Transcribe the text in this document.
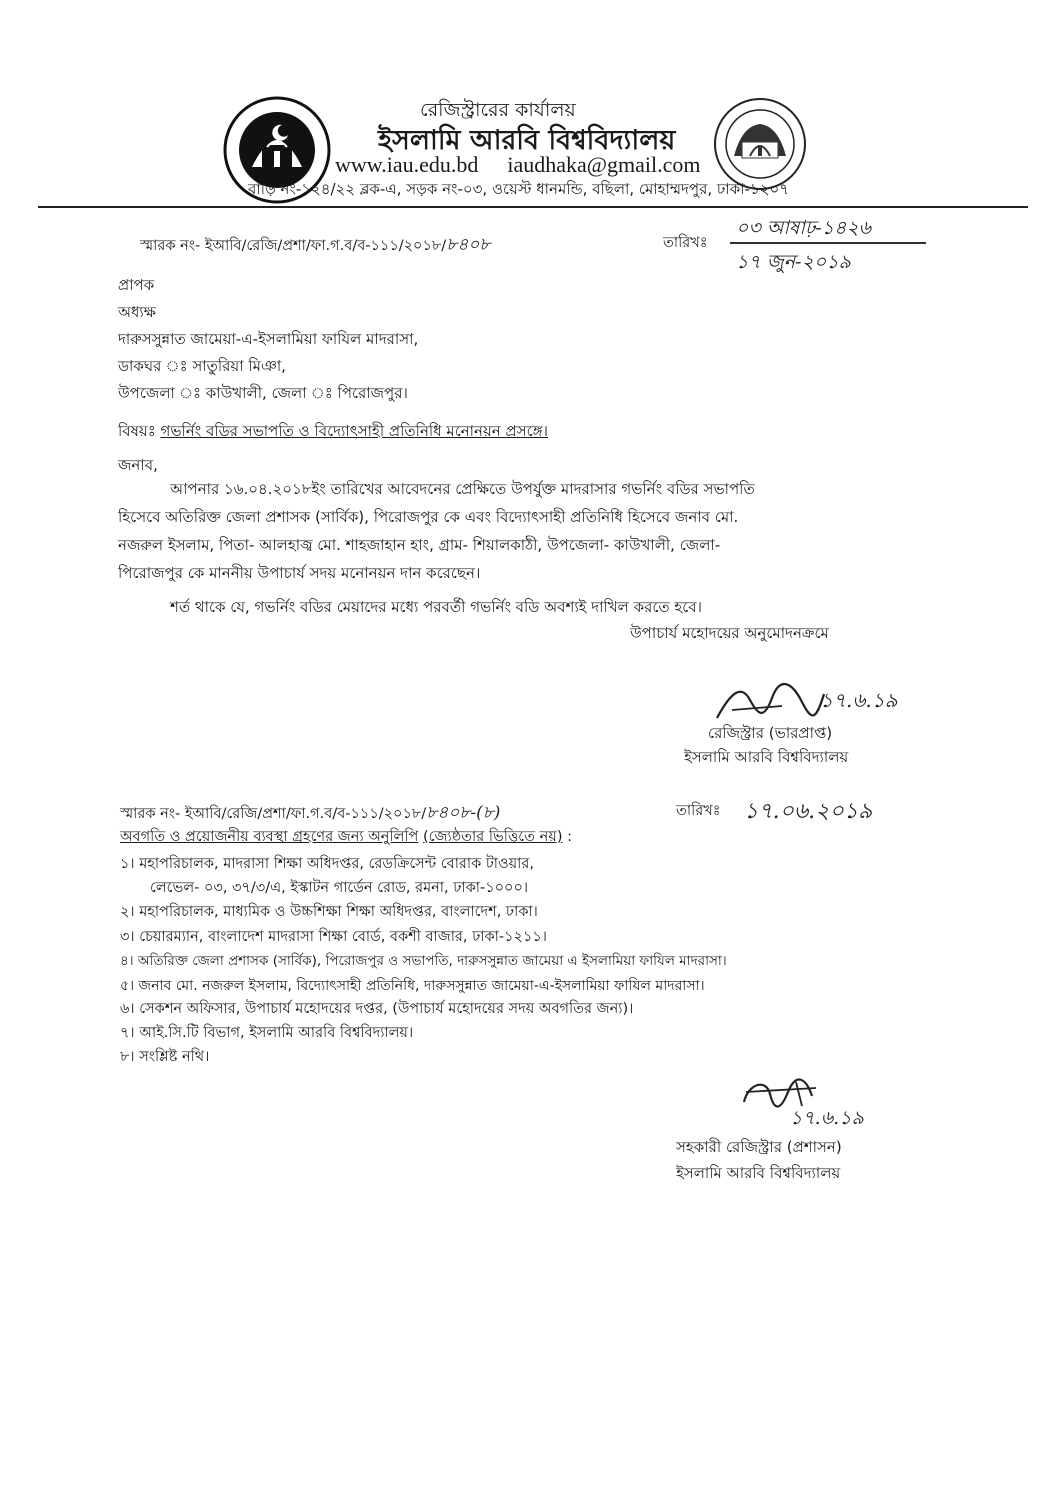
রেজিস্ট্রারের কার্যালয়
ইসলামি আরবি বিশ্ববিদ্যালয়
www.iau.edu.bd iaudhaka@gmail.com
বাড়ি নং-১২৪/২২ ব্লক-এ, সড়ক নং-০৩, ওয়েস্ট ধানমন্ডি, বছিলা, মোহাম্মদপুর, ঢাকা-১২০৭
স্মারক নং- ইআবি/রেজি/প্রশা/ফা.গ.ব/ব-১১১/২০১৮/৮৪০৮	তারিখঃ
০৩ আষাঢ়-১৪২৬
১৭ জুন-২০১৯
প্রাপক
অধ্যক্ষ
দারুসসুন্নাত জামেয়া-এ-ইসলামিয়া ফাযিল মাদরাসা,
ডাকঘর ঃ সাতুরিয়া মিঞা,
উপজেলা ঃ কাউখালী, জেলা ঃ পিরোজপুর।
বিষয়ঃ গভর্নিং বডির সভাপতি ও বিদ্যোৎসাহী প্রতিনিধি মনোনয়ন প্রসঙ্গে।
জনাব,
আপনার ১৬.০৪.২০১৮ইং তারিখের আবেদনের প্রেক্ষিতে উপর্যুক্ত মাদরাসার গভর্নিং বডির সভাপতি
হিসেবে অতিরিক্ত জেলা প্রশাসক (সার্বিক), পিরোজপুর কে এবং বিদ্যোৎসাহী প্রতিনিধি হিসেবে জনাব মো.
নজরুল ইসলাম, পিতা- আলহাজ্ব মো. শাহজাহান হাং, গ্রাম- শিয়ালকাঠী, উপজেলা- কাউখালী, জেলা-
পিরোজপুর কে মাননীয় উপাচার্য সদয় মনোনয়ন দান করেছেন।
শর্ত থাকে যে, গভর্নিং বডির মেয়াদের মধ্যে পরবর্তী গভর্নিং বডি অবশ্যই দাখিল করতে হবে।
উপাচার্য মহোদয়ের অনুমোদনক্রমে
১৭.৬.১৯
রেজিস্ট্রার (ভারপ্রাপ্ত)
ইসলামি আরবি বিশ্ববিদ্যালয়
স্মারক নং- ইআবি/রেজি/প্রশা/ফা.গ.ব/ব-১১১/২০১৮/৮৪০৮-(৮)	তারিখঃ ১৭.০৬.২০১৯
অবগতি ও প্রয়োজনীয় ব্যবস্থা গ্রহণের জন্য অনুলিপি (জ্যেষ্ঠতার ভিত্তিতে নয়) :
১। মহাপরিচালক, মাদরাসা শিক্ষা অধিদপ্তর, রেডক্রিসেন্ট বোরাক টাওয়ার,
লেভেল- ০৩, ৩৭/৩/এ, ইস্কাটন গার্ডেন রোড, রমনা, ঢাকা-১০০০।
২। মহাপরিচালক, মাধ্যমিক ও উচ্চশিক্ষা শিক্ষা অধিদপ্তর, বাংলাদেশ, ঢাকা।
৩। চেয়ারম্যান, বাংলাদেশ মাদরাসা শিক্ষা বোর্ড, বকশী বাজার, ঢাকা-১২১১।
৪। অতিরিক্ত জেলা প্রশাসক (সার্বিক), পিরোজপুর ও সভাপতি, দারুসসুন্নাত জামেয়া এ ইসলামিয়া ফাযিল মাদরাসা।
৫। জনাব মো. নজরুল ইসলাম, বিদ্যোৎসাহী প্রতিনিধি, দারুসসুন্নাত জামেয়া-এ-ইসলামিয়া ফাযিল মাদরাসা।
৬। সেকশন অফিসার, উপাচার্য মহোদয়ের দপ্তর, (উপাচার্য মহোদয়ের সদয় অবগতির জন্য)।
৭। আই.সি.টি বিভাগ, ইসলামি আরবি বিশ্ববিদ্যালয়।
৮। সংশ্লিষ্ট নথি।
১৭.৬.১৯
সহকারী রেজিস্ট্রার (প্রশাসন)
ইসলামি আরবি বিশ্ববিদ্যালয়
